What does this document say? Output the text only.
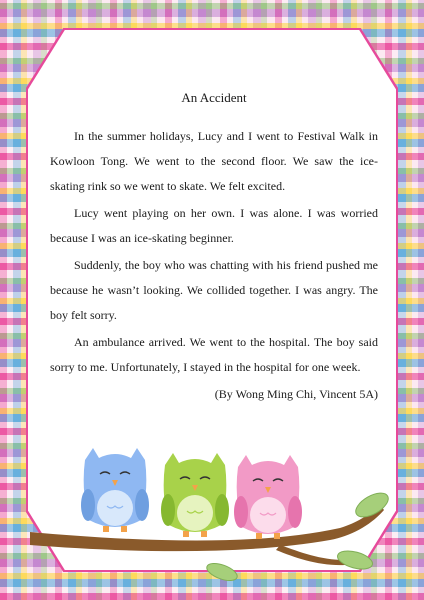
An Accident

In the summer holidays, Lucy and I went to Festival Walk in Kowloon Tong. We went to the second floor. We saw the ice-skating rink so we went to skate. We felt excited.

Lucy went playing on her own. I was alone. I was worried because I was an ice-skating beginner.

Suddenly, the boy who was chatting with his friend pushed me because he wasn’t looking. We collided together. I was angry. The boy felt sorry.

An ambulance arrived. We went to the hospital. The boy said sorry to me. Unfortunately, I stayed in the hospital for one week.

(By Wong Ming Chi, Vincent 5A)
